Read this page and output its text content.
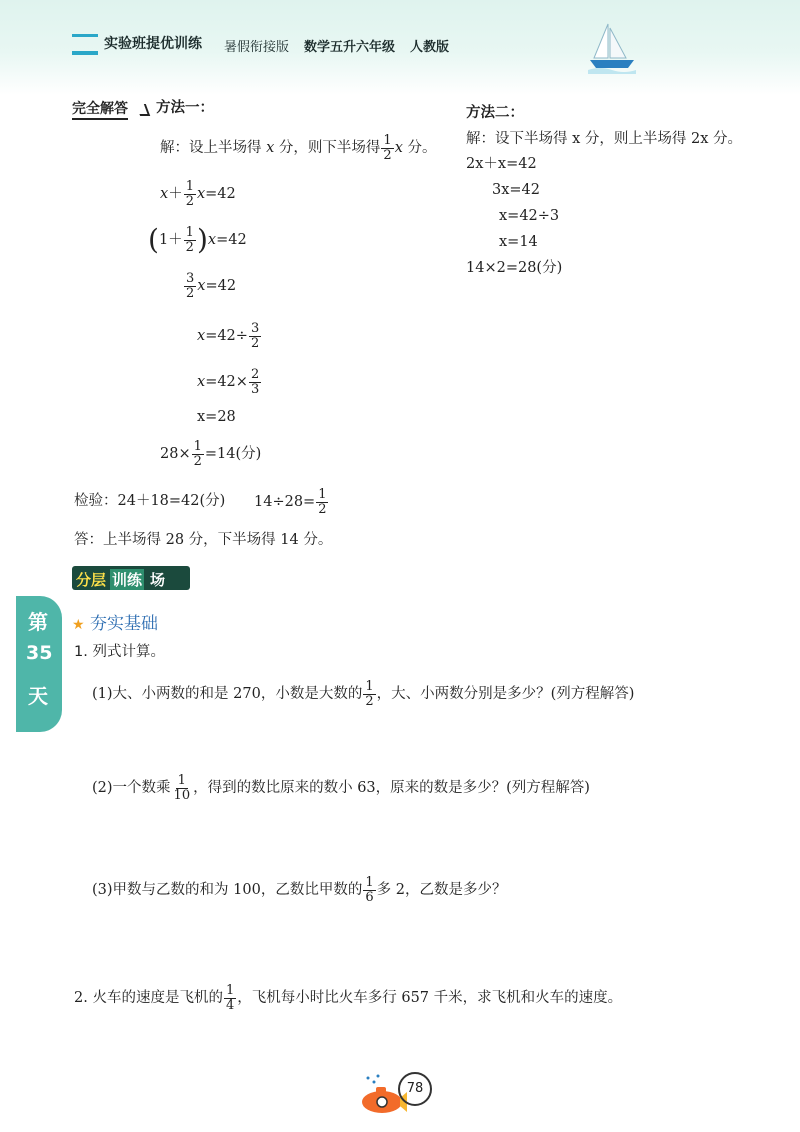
实验班提优训练 暑假衔接版 数学五升六年级 人教版
完全解答 方法一：
解：设上半场得 x 分，则下半场得 $\frac{1}{2}$ x 分。
$x+ \frac{1}{2} x=42$
$(1+ \frac{1}{2} )x=42$
$\frac{3}{2} x=42$
$x=42\div \frac{3}{2}$
$x=42\times \frac{2}{3}$
x=28
$28\times \frac{1}{2} =14$(分)
方法二：
解：设下半场得 x 分，则上半场得 2x 分。
2x＋x=42
3x=42
x=42÷3
x=14
14×2=28(分)
检验：24＋18=42(分) $14\div 28= \frac{1}{2}$
答：上半场得 28 分，下半场得 14 分。
分层 训练 场
第
35
天
★ 夯实基础
1. 列式计算。
(1)大、小两数的和是 270，小数是大数的 $\frac{1}{2}$ ，大、小两数分别是多少？(列方程解答)
(2)一个数乘 $\frac{1}{10}$ ，得到的数比原来的数小 63，原来的数是多少？(列方程解答)
(3)甲数与乙数的和为 100，乙数比甲数的 $\frac{1}{6}$ 多 2，乙数是多少？
2. 火车的速度是飞机的 $\frac{1}{4}$ ，飞机每小时比火车多行 657 千米，求飞机和火车的速度。
78
